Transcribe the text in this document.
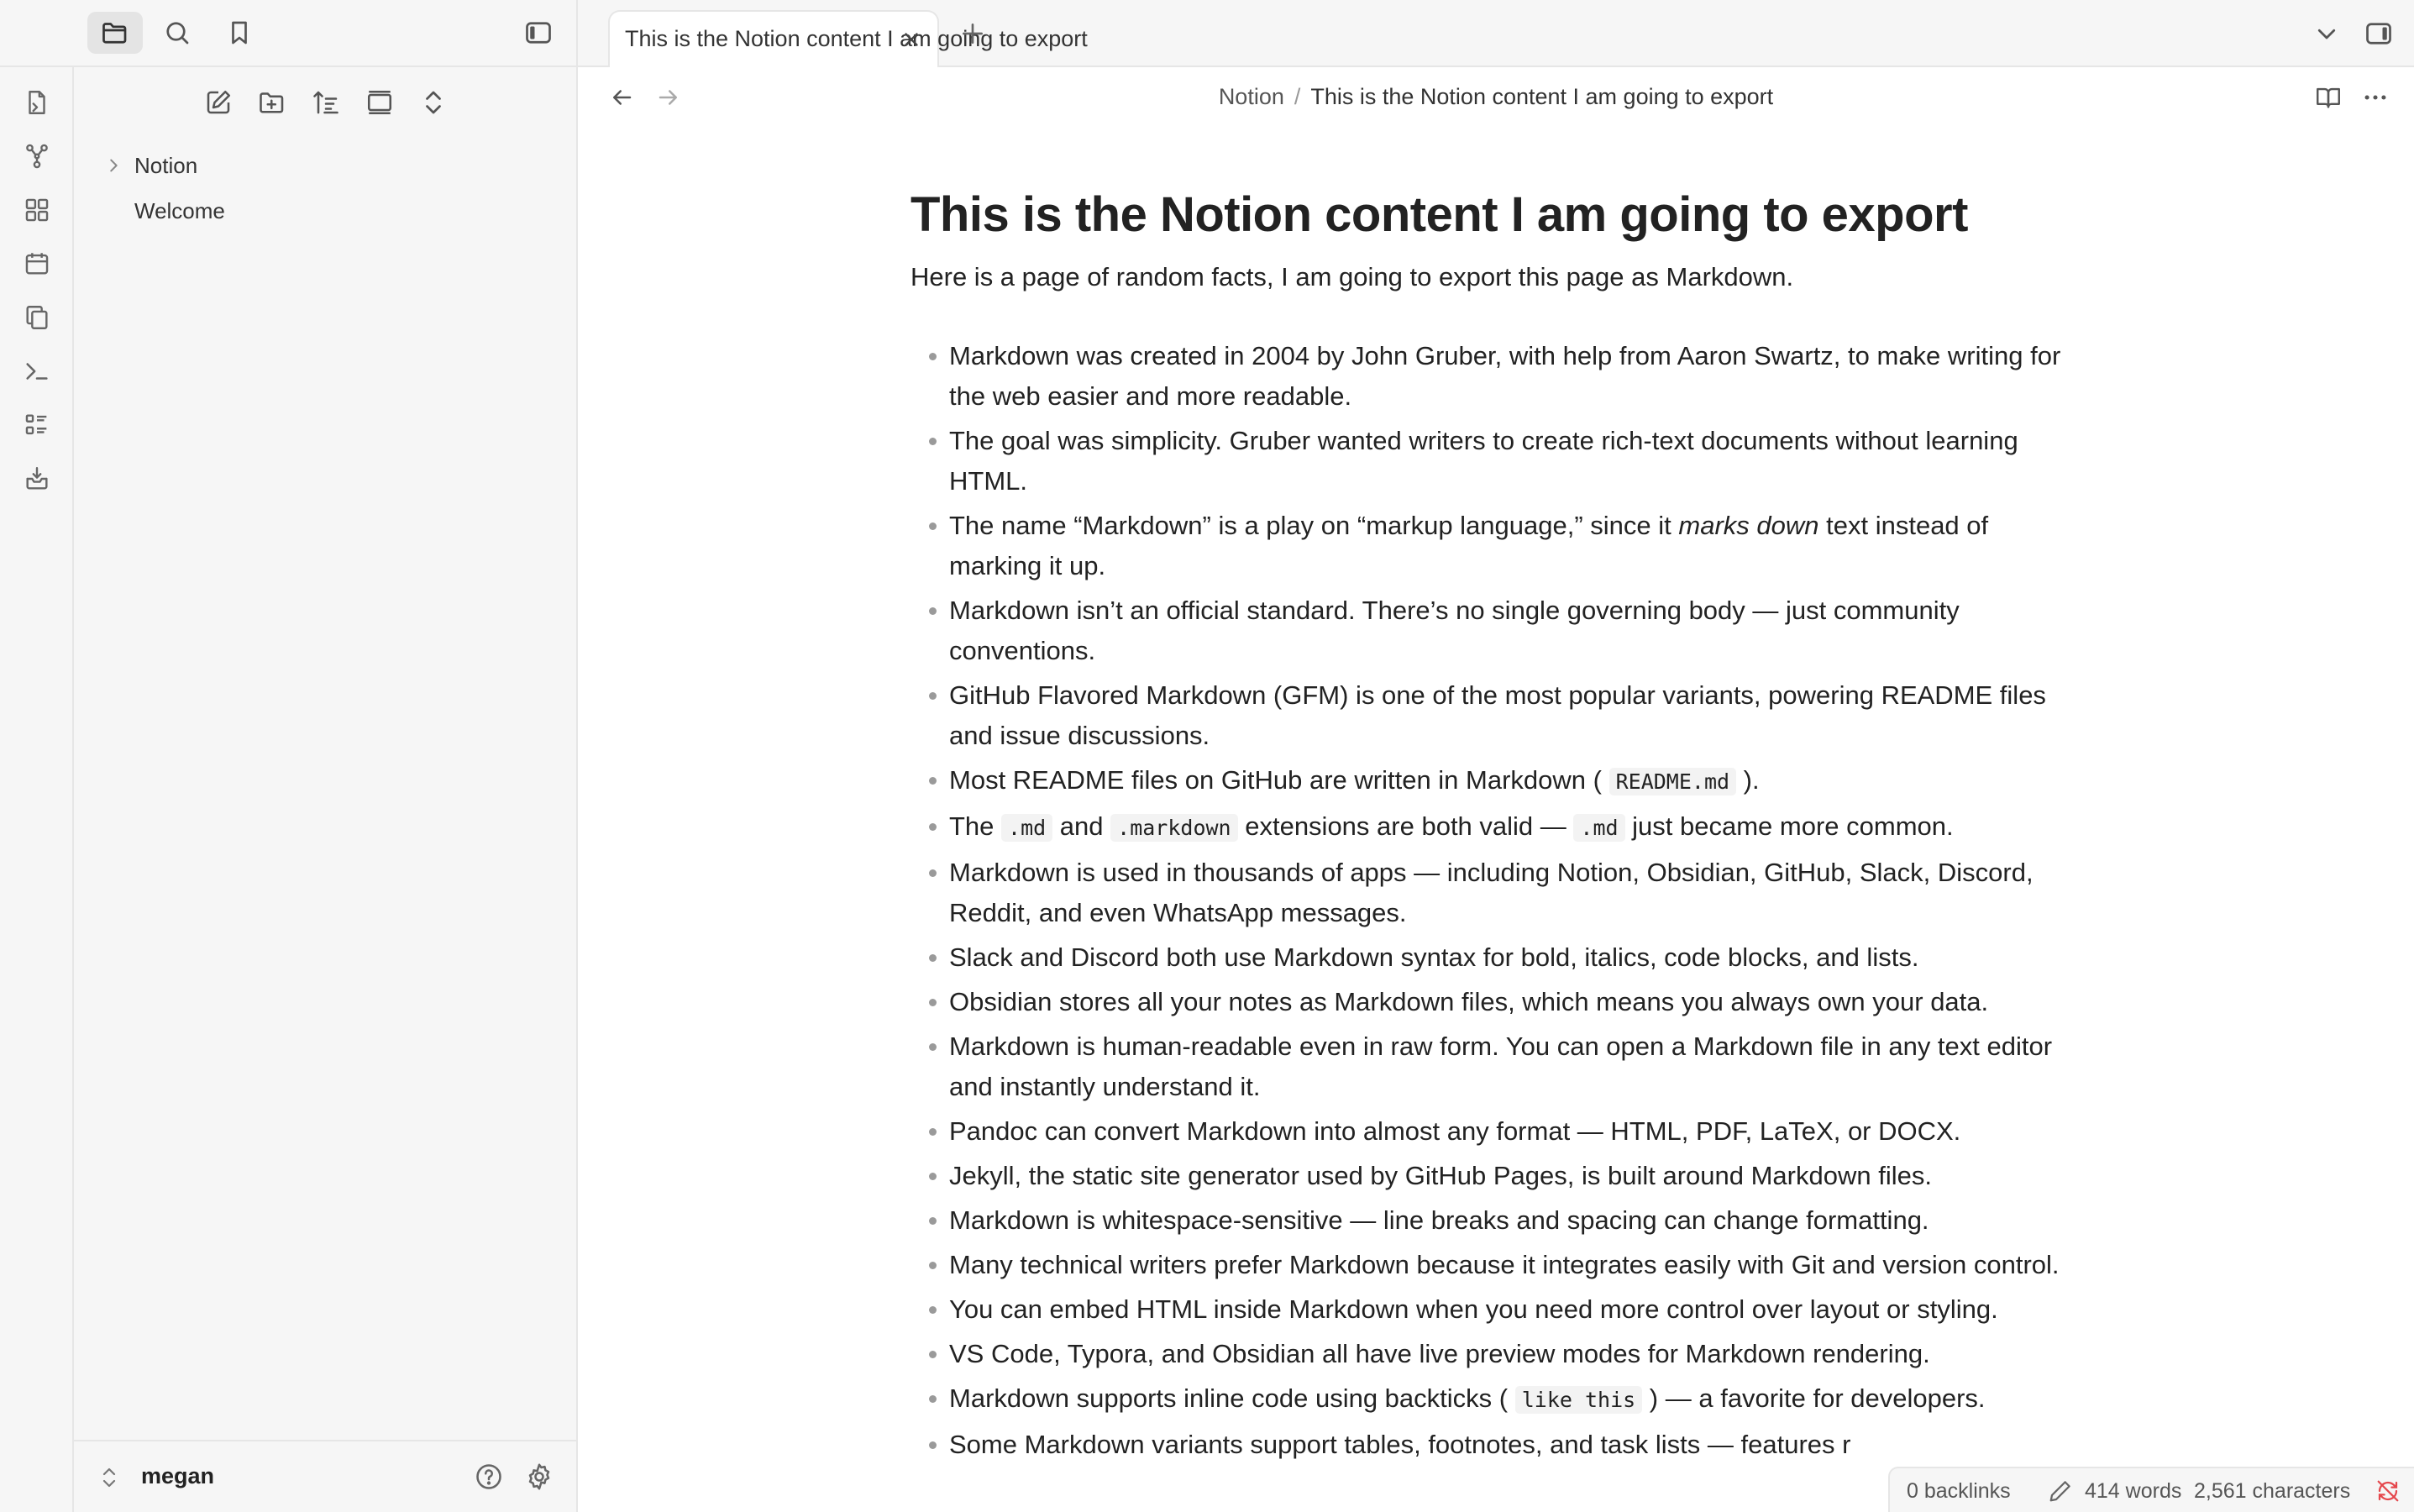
Notion
Welcome
megan
This is the Notion content I am going to export
Notion / This is the Notion content I am going to export
This is the Notion content I am going to export

Here is a page of random facts, I am going to export this page as Markdown.

Markdown was created in 2004 by John Gruber, with help from Aaron Swartz, to make writing for the web easier and more readable.
The goal was simplicity. Gruber wanted writers to create rich-text documents without learning HTML.
The name “Markdown” is a play on “markup language,” since it marks down text instead of marking it up.
Markdown isn’t an official standard. There’s no single governing body — just community conventions.
GitHub Flavored Markdown (GFM) is one of the most popular variants, powering README files and issue discussions.
Most README files on GitHub are written in Markdown ( README.md ).
The .md and .markdown extensions are both valid — .md just became more common.
Markdown is used in thousands of apps — including Notion, Obsidian, GitHub, Slack, Discord, Reddit, and even WhatsApp messages.
Slack and Discord both use Markdown syntax for bold, italics, code blocks, and lists.
Obsidian stores all your notes as Markdown files, which means you always own your data.
Markdown is human-readable even in raw form. You can open a Markdown file in any text editor and instantly understand it.
Pandoc can convert Markdown into almost any format — HTML, PDF, LaTeX, or DOCX.
Jekyll, the static site generator used by GitHub Pages, is built around Markdown files.
Markdown is whitespace-sensitive — line breaks and spacing can change formatting.
Many technical writers prefer Markdown because it integrates easily with Git and version control.
You can embed HTML inside Markdown when you need more control over layout or styling.
VS Code, Typora, and Obsidian all have live preview modes for Markdown rendering.
Markdown supports inline code using backticks ( like this ) — a favorite for developers.
Some Markdown variants support tables, footnotes, and task lists — features r
0 backlinks	414 words 2,561 characters
